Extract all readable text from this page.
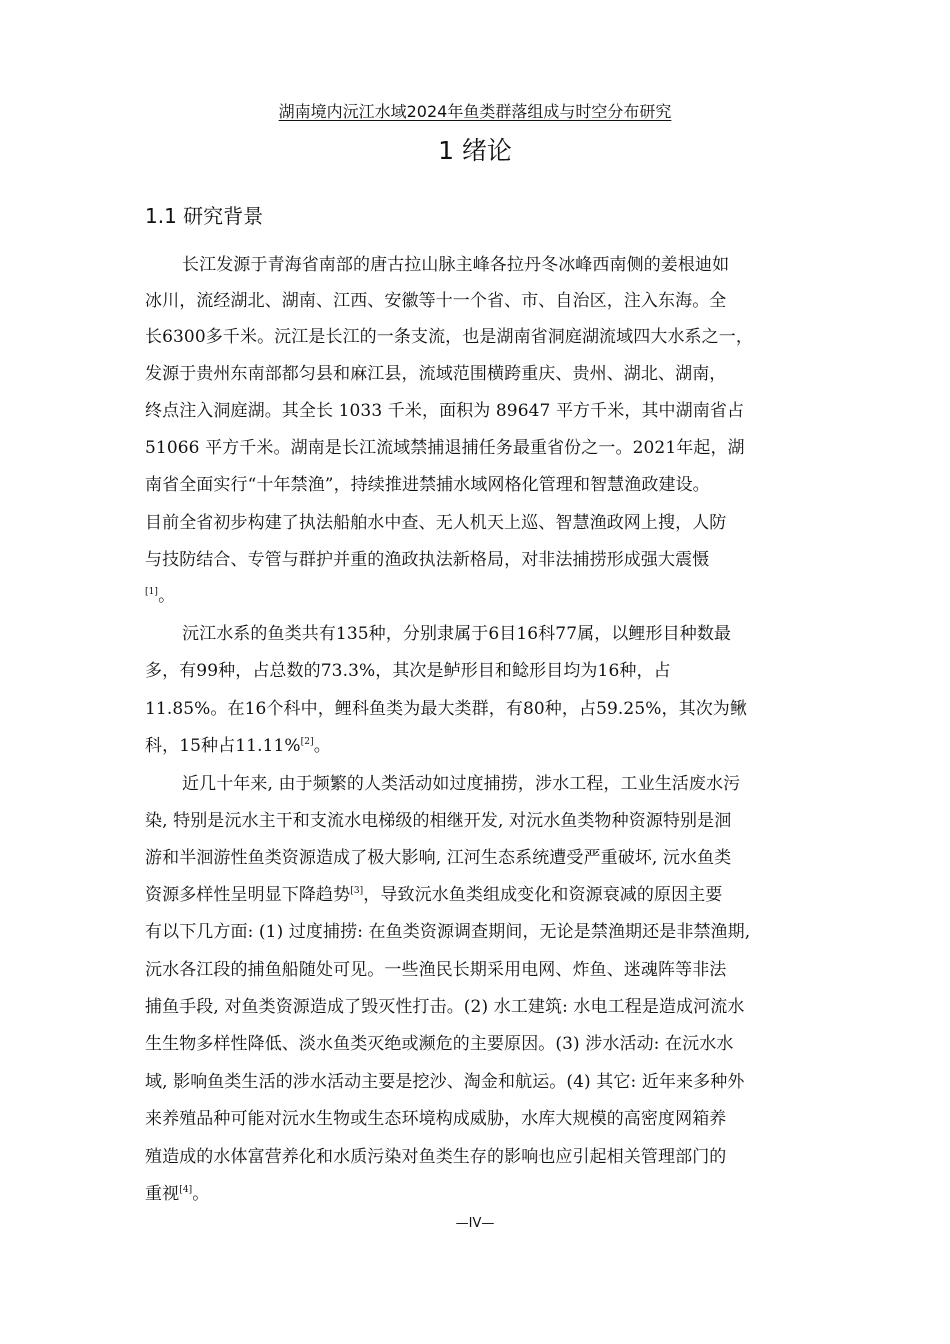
湖南境内沅江水域2024年鱼类群落组成与时空分布研究
1 绪论
1.1 研究背景
长江发源于青海省南部的唐古拉山脉主峰各拉丹冬冰峰西南侧的姜根迪如
冰川，流经湖北、湖南、江西、安徽等十一个省、市、自治区，注入东海。全
长6300多千米。沅江是长江的一条支流，也是湖南省洞庭湖流域四大水系之一，
发源于贵州东南部都匀县和麻江县，流域范围横跨重庆、贵州、湖北、湖南，
终点注入洞庭湖。其全长 1033 千米，面积为 89647 平方千米，其中湖南省占
51066 平方千米。湖南是长江流域禁捕退捕任务最重省份之一。2021年起，湖
南省全面实行“十年禁渔”，持续推进禁捕水域网格化管理和智慧渔政建设。
目前全省初步构建了执法船舶水中查、无人机天上巡、智慧渔政网上搜，人防
与技防结合、专管与群护并重的渔政执法新格局，对非法捕捞形成强大震慑
[1]。
沅江水系的鱼类共有135种，分别隶属于6目16科77属，以鲤形目种数最
多，有99种，占总数的73.3%，其次是鲈形目和鲶形目均为16种，占
11.85%。在16个科中，鲤科鱼类为最大类群，有80种，占59.25%，其次为鳅
科，15种占11.11%[2]。
近几十年来, 由于频繁的人类活动如过度捕捞，涉水工程，工业生活废水污
染, 特别是沅水主干和支流水电梯级的相继开发, 对沅水鱼类物种资源特别是洄
游和半洄游性鱼类资源造成了极大影响, 江河生态系统遭受严重破坏, 沅水鱼类
资源多样性呈明显下降趋势[3]，导致沅水鱼类组成变化和资源衰减的原因主要
有以下几方面: (1) 过度捕捞: 在鱼类资源调查期间，无论是禁渔期还是非禁渔期,
沅水各江段的捕鱼船随处可见。一些渔民长期采用电网、炸鱼、迷魂阵等非法
捕鱼手段, 对鱼类资源造成了毁灭性打击。(2) 水工建筑: 水电工程是造成河流水
生生物多样性降低、淡水鱼类灭绝或濒危的主要原因。(3) 涉水活动: 在沅水水
域, 影响鱼类生活的涉水活动主要是挖沙、淘金和航运。(4) 其它: 近年来多种外
来养殖品种可能对沅水生物或生态环境构成威胁，水库大规模的高密度网箱养
殖造成的水体富营养化和水质污染对鱼类生存的影响也应引起相关管理部门的
重视[4]。
—IV—
